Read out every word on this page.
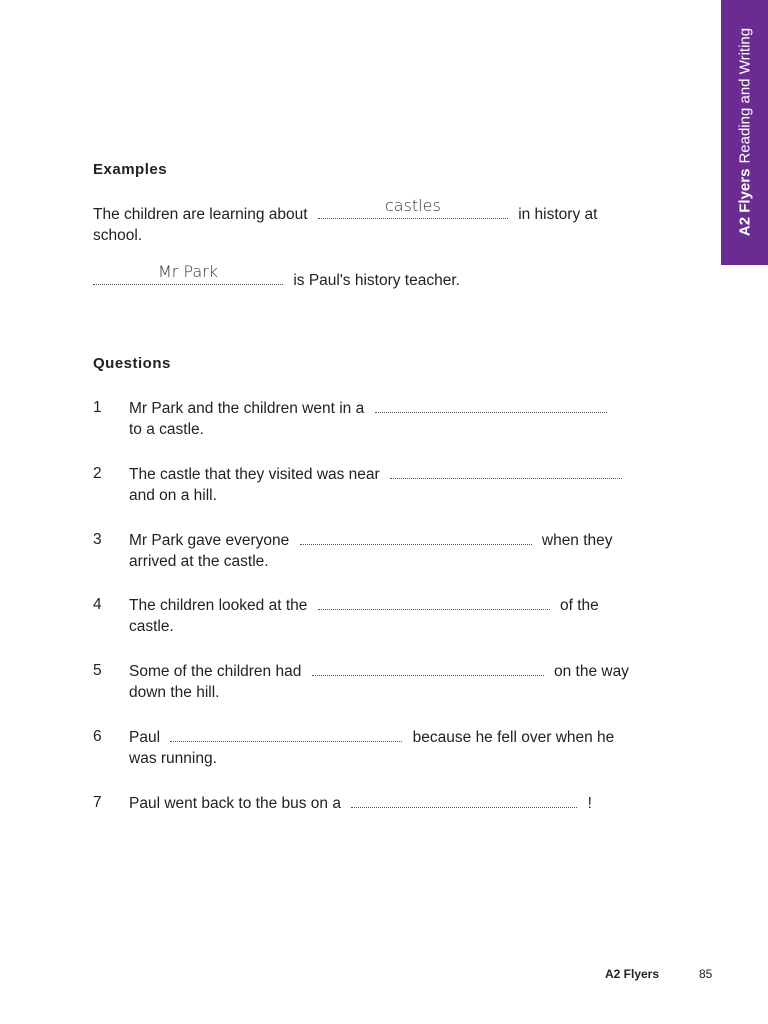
A2 FlyersReading and Writing
Examples
The children are learning about	castles	in history at
school.
Mr Park	is Paul's history teacher.
Questions
1 Mr Park and the children went in a
to a castle.
2 The castle that they visited was near
and on a hill.
3 Mr Park gave everyone	when they
arrived at the castle.
4 The children looked at the	of the
castle.
5 Some of the children had	on the way
down the hill.
6 Paul	because he fell over when he
was running.
7 Paul went back to the bus on a	!
A2 Flyers	85
